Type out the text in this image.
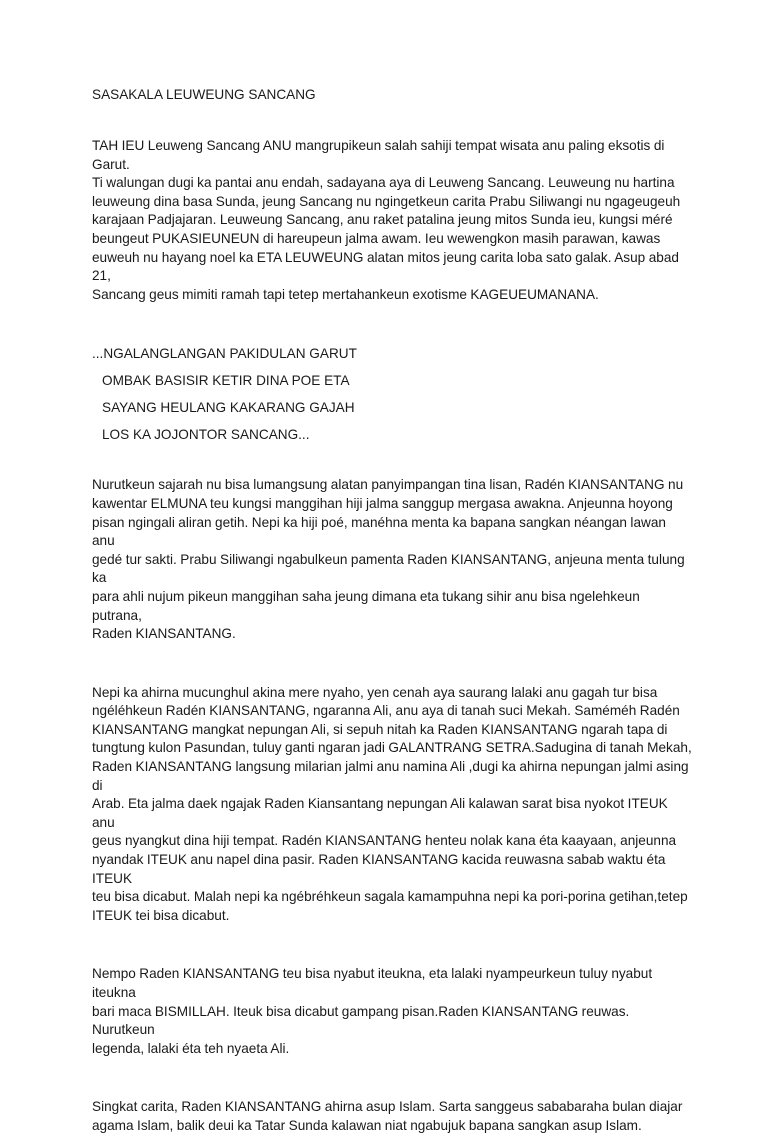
SASAKALA LEUWEUNG SANCANG

TAH IEU Leuweng Sancang ANU mangrupikeun salah sahiji tempat wisata anu paling eksotis di Garut.
Ti walungan dugi ka pantai anu endah, sadayana aya di Leuweng Sancang. Leuweung nu hartina
leuweung dina basa Sunda, jeung Sancang nu ngingetkeun carita Prabu Siliwangi nu ngageugeuh
karajaan Padjajaran. Leuweung Sancang, anu raket patalina jeung mitos Sunda ieu, kungsi méré
beungeut PUKASIEUNEUN di hareupeun jalma awam. Ieu wewengkon masih parawan, kawas
euweuh nu hayang noel ka ETA LEUWEUNG alatan mitos jeung carita loba sato galak. Asup abad 21,
Sancang geus mimiti ramah tapi tetep mertahankeun exotisme KAGEUEUMANANA.

...NGALANGLANGAN PAKIDULAN GARUT
OMBAK BASISIR KETIR DINA POE ETA
SAYANG HEULANG KAKARANG GAJAH
LOS KA JOJONTOR SANCANG...

Nurutkeun sajarah nu bisa lumangsung alatan panyimpangan tina lisan, Radén KIANSANTANG nu
kawentar ELMUNA teu kungsi manggihan hiji jalma sanggup mergasa awakna. Anjeunna hoyong
pisan ngingali aliran getih. Nepi ka hiji poé, manéhna menta ka bapana sangkan néangan lawan anu
gedé tur sakti. Prabu Siliwangi ngabulkeun pamenta Raden KIANSANTANG, anjeuna menta tulung ka
para ahli nujum pikeun manggihan saha jeung dimana eta tukang sihir anu bisa ngelehkeun putrana,
Raden KIANSANTANG.

Nepi ka ahirna mucunghul akina mere nyaho, yen cenah aya saurang lalaki anu gagah tur bisa
ngéléhkeun Radén KIANSANTANG, ngaranna Ali, anu aya di tanah suci Mekah. Saméméh Radén
KIANSANTANG mangkat nepungan Ali, si sepuh nitah ka Raden KIANSANTANG ngarah tapa di
tungtung kulon Pasundan, tuluy ganti ngaran jadi GALANTRANG SETRA.Sadugina di tanah Mekah,
Raden KIANSANTANG langsung milarian jalmi anu namina Ali ,dugi ka ahirna nepungan jalmi asing di
Arab. Eta jalma daek ngajak Raden Kiansantang nepungan Ali kalawan sarat bisa nyokot ITEUK anu
geus nyangkut dina hiji tempat. Radén KIANSANTANG henteu nolak kana éta kaayaan, anjeunna
nyandak ITEUK anu napel dina pasir. Raden KIANSANTANG kacida reuwasna sabab waktu éta ITEUK
teu bisa dicabut. Malah nepi ka ngébréhkeun sagala kamampuhna nepi ka pori-porina getihan,tetep
ITEUK tei bisa dicabut.

Nempo Raden KIANSANTANG teu bisa nyabut iteukna, eta lalaki nyampeurkeun tuluy nyabut iteukna
bari maca BISMILLAH. Iteuk bisa dicabut gampang pisan.Raden KIANSANTANG reuwas. Nurutkeun
legenda, lalaki éta teh nyaeta Ali.

Singkat carita, Raden KIANSANTANG ahirna asup Islam. Sarta sanggeus sababaraha bulan diajar
agama Islam, balik deui ka Tatar Sunda kalawan niat ngabujuk bapana sangkan asup Islam.
